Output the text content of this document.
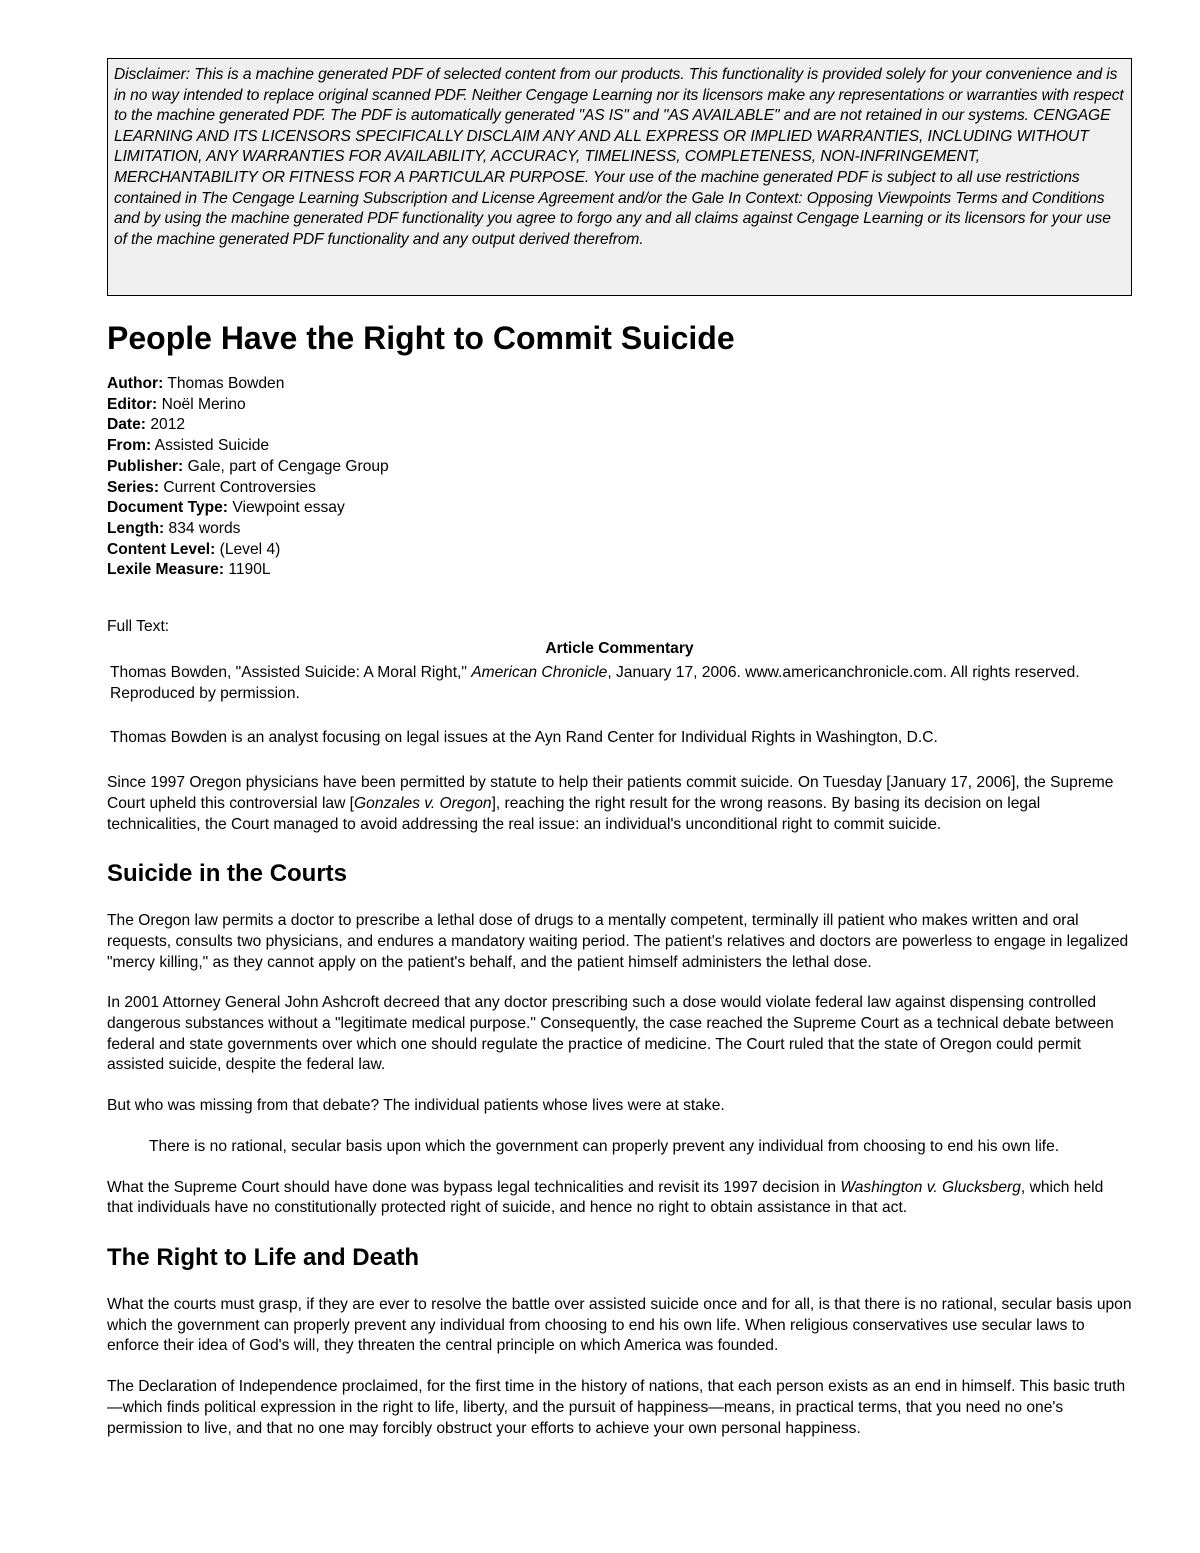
Disclaimer: This is a machine generated PDF of selected content from our products. This functionality is provided solely for your convenience and is in no way intended to replace original scanned PDF. Neither Cengage Learning nor its licensors make any representations or warranties with respect to the machine generated PDF. The PDF is automatically generated "AS IS" and "AS AVAILABLE" and are not retained in our systems. CENGAGE LEARNING AND ITS LICENSORS SPECIFICALLY DISCLAIM ANY AND ALL EXPRESS OR IMPLIED WARRANTIES, INCLUDING WITHOUT LIMITATION, ANY WARRANTIES FOR AVAILABILITY, ACCURACY, TIMELINESS, COMPLETENESS, NON-INFRINGEMENT, MERCHANTABILITY OR FITNESS FOR A PARTICULAR PURPOSE. Your use of the machine generated PDF is subject to all use restrictions contained in The Cengage Learning Subscription and License Agreement and/or the Gale In Context: Opposing Viewpoints Terms and Conditions and by using the machine generated PDF functionality you agree to forgo any and all claims against Cengage Learning or its licensors for your use of the machine generated PDF functionality and any output derived therefrom.
People Have the Right to Commit Suicide
Author: Thomas Bowden
Editor: Noël Merino
Date: 2012
From: Assisted Suicide
Publisher: Gale, part of Cengage Group
Series: Current Controversies
Document Type: Viewpoint essay
Length: 834 words
Content Level: (Level 4)
Lexile Measure: 1190L
Full Text:
Article Commentary
Thomas Bowden, "Assisted Suicide: A Moral Right," American Chronicle, January 17, 2006. www.americanchronicle.com. All rights reserved. Reproduced by permission.
Thomas Bowden is an analyst focusing on legal issues at the Ayn Rand Center for Individual Rights in Washington, D.C.

Since 1997 Oregon physicians have been permitted by statute to help their patients commit suicide. On Tuesday [January 17, 2006], the Supreme Court upheld this controversial law [Gonzales v. Oregon], reaching the right result for the wrong reasons. By basing its decision on legal technicalities, the Court managed to avoid addressing the real issue: an individual's unconditional right to commit suicide.

Suicide in the Courts

The Oregon law permits a doctor to prescribe a lethal dose of drugs to a mentally competent, terminally ill patient who makes written and oral requests, consults two physicians, and endures a mandatory waiting period. The patient's relatives and doctors are powerless to engage in legalized "mercy killing," as they cannot apply on the patient's behalf, and the patient himself administers the lethal dose.

In 2001 Attorney General John Ashcroft decreed that any doctor prescribing such a dose would violate federal law against dispensing controlled dangerous substances without a "legitimate medical purpose." Consequently, the case reached the Supreme Court as a technical debate between federal and state governments over which one should regulate the practice of medicine. The Court ruled that the state of Oregon could permit assisted suicide, despite the federal law.

But who was missing from that debate? The individual patients whose lives were at stake.

There is no rational, secular basis upon which the government can properly prevent any individual from choosing to end his own life.

What the Supreme Court should have done was bypass legal technicalities and revisit its 1997 decision in Washington v. Glucksberg, which held that individuals have no constitutionally protected right of suicide, and hence no right to obtain assistance in that act.

The Right to Life and Death

What the courts must grasp, if they are ever to resolve the battle over assisted suicide once and for all, is that there is no rational, secular basis upon which the government can properly prevent any individual from choosing to end his own life. When religious conservatives use secular laws to enforce their idea of God's will, they threaten the central principle on which America was founded.

The Declaration of Independence proclaimed, for the first time in the history of nations, that each person exists as an end in himself. This basic truth—which finds political expression in the right to life, liberty, and the pursuit of happiness—means, in practical terms, that you need no one's permission to live, and that no one may forcibly obstruct your efforts to achieve your own personal happiness.
